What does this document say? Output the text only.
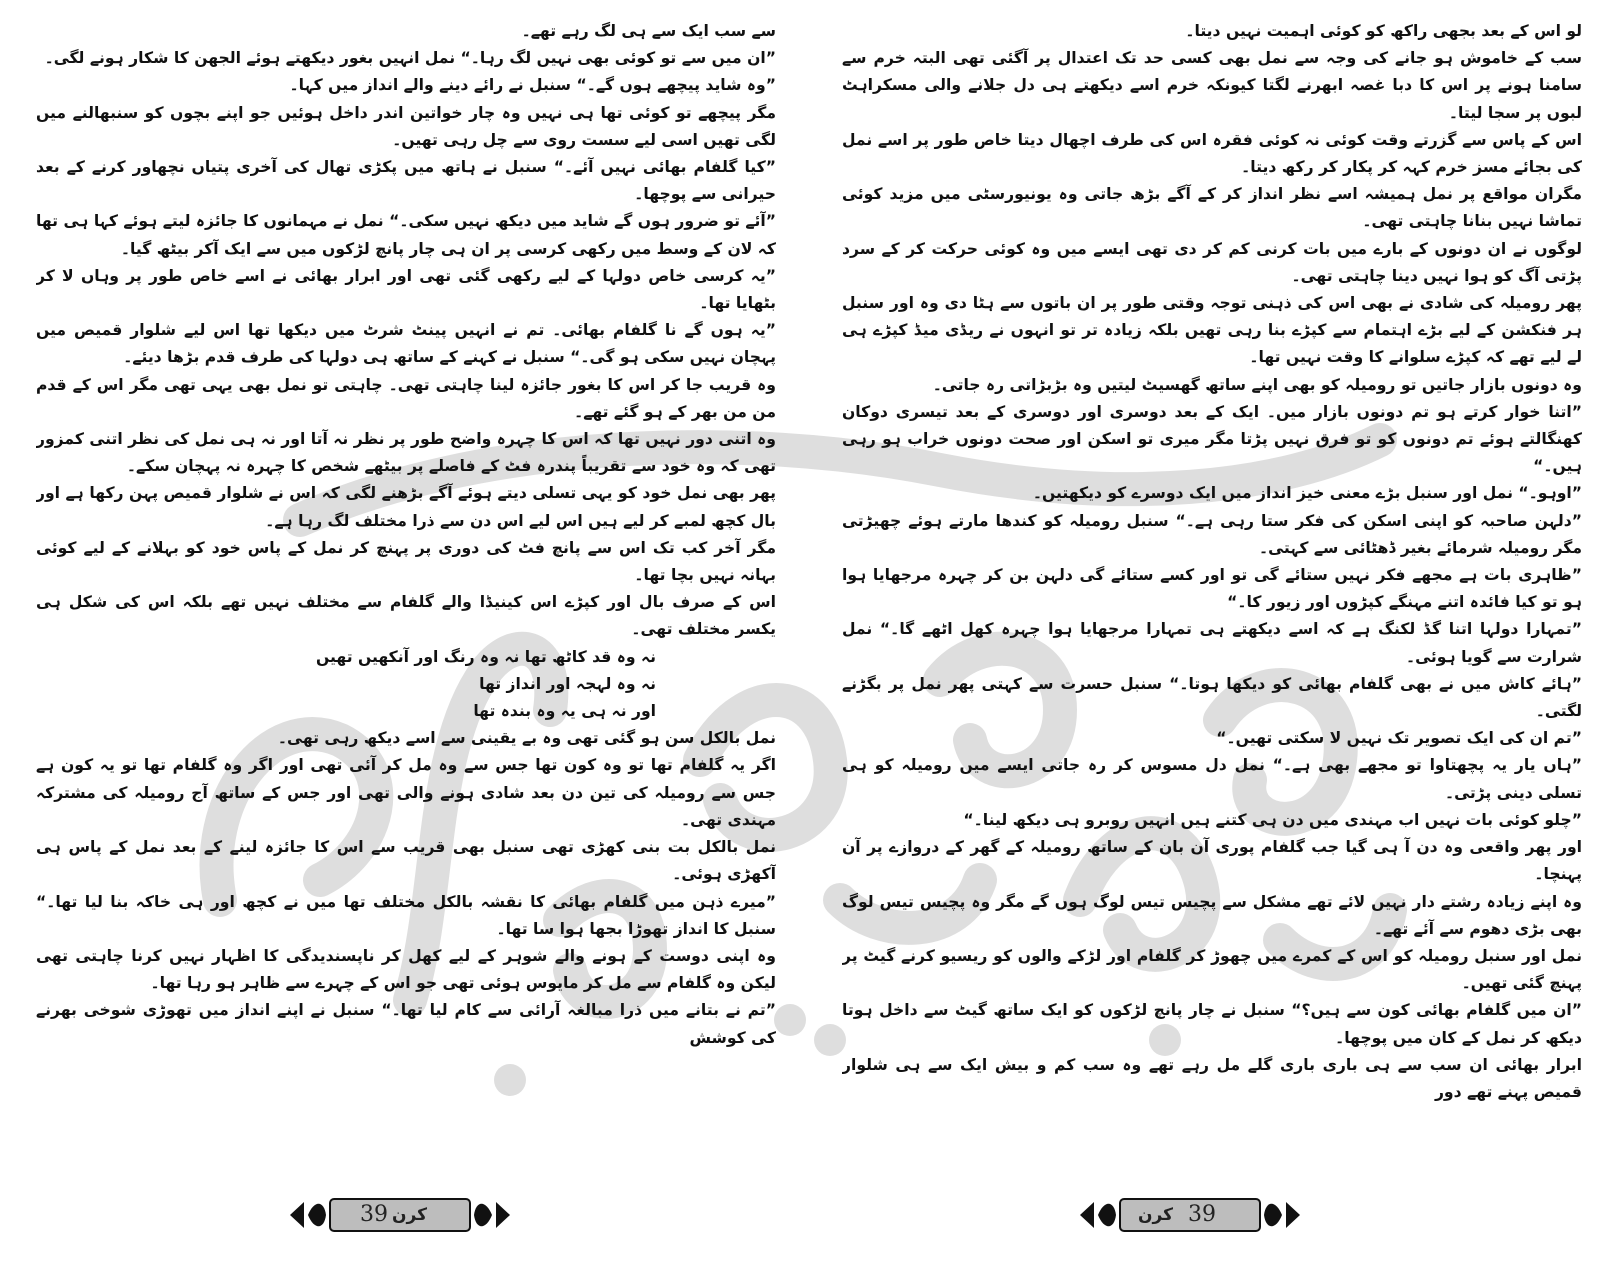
لو اس کے بعد بجھی راکھ کو کوئی اہمیت نہیں دیتا۔

سب کے خاموش ہو جانے کی وجہ سے نمل بھی کسی حد تک اعتدال پر آگئی تھی البتہ خرم سے سامنا ہونے پر اس کا دبا غصہ ابھرنے لگتا کیونکہ خرم اسے دیکھتے ہی دل جلانے والی مسکراہٹ لبوں پر سجا لیتا۔

اس کے پاس سے گزرتے وقت کوئی نہ کوئی فقرہ اس کی طرف اچھال دیتا خاص طور پر اسے نمل کی بجائے مسز خرم کہہ کر پکار کر رکھ دیتا۔

مگران مواقع پر نمل ہمیشہ اسے نظر انداز کر کے آگے بڑھ جاتی وہ یونیورسٹی میں مزید کوئی تماشا نہیں بنانا چاہتی تھی۔

لوگوں نے ان دونوں کے بارے میں بات کرنی کم کر دی تھی ایسے میں وہ کوئی حرکت کر کے سرد پڑتی آگ کو ہوا نہیں دینا چاہتی تھی۔

پھر رومیلہ کی شادی نے بھی اس کی ذہنی توجہ وقتی طور پر ان باتوں سے ہٹا دی وہ اور سنبل ہر فنکشن کے لیے بڑے اہتمام سے کپڑے بنا رہی تھیں بلکہ زیادہ تر تو انہوں نے ریڈی میڈ کپڑے ہی لے لیے تھے کہ کپڑے سلوانے کا وقت نہیں تھا۔

وہ دونوں بازار جاتیں تو رومیلہ کو بھی اپنے ساتھ گھسیٹ لیتیں وہ بڑبڑاتی رہ جاتی۔

”اتنا خوار کرتے ہو تم دونوں بازار میں۔ ایک کے بعد دوسری اور دوسری کے بعد تیسری دوکان کھنگالتے ہوئے تم دونوں کو تو فرق نہیں پڑتا مگر میری تو اسکن اور صحت دونوں خراب ہو رہی ہیں۔“

”اوہو۔“ نمل اور سنبل بڑے معنی خیز انداز میں ایک دوسرے کو دیکھتیں۔

”دلہن صاحبہ کو اپنی اسکن کی فکر ستا رہی ہے۔“ سنبل رومیلہ کو کندھا مارتے ہوئے چھیڑتی مگر رومیلہ شرمائے بغیر ڈھٹائی سے کہتی۔

”ظاہری بات ہے مجھے فکر نہیں ستائے گی تو اور کسے ستائے گی دلہن بن کر چہرہ مرجھایا ہوا ہو تو کیا فائدہ اتنے مہنگے کپڑوں اور زیور کا۔“

”تمہارا دولہا اتنا گڈ لکنگ ہے کہ اسے دیکھتے ہی تمہارا مرجھایا ہوا چہرہ کھل اٹھے گا۔“ نمل شرارت سے گویا ہوئی۔

”ہائے کاش میں نے بھی گلفام بھائی کو دیکھا ہوتا۔“ سنبل حسرت سے کہتی پھر نمل پر بگڑنے لگتی۔

”تم ان کی ایک تصویر تک نہیں لا سکتی تھیں۔“

”ہاں یار یہ پچھتاوا تو مجھے بھی ہے۔“ نمل دل مسوس کر رہ جاتی ایسے میں رومیلہ کو ہی تسلی دینی پڑتی۔

”چلو کوئی بات نہیں اب مہندی میں دن ہی کتنے ہیں انہیں روبرو ہی دیکھ لینا۔“

اور پھر واقعی وہ دن آ ہی گیا جب گلفام پوری آن بان کے ساتھ رومیلہ کے گھر کے دروازے پر آن پہنچا۔

وہ اپنے زیادہ رشتے دار نہیں لائے تھے مشکل سے پچیس تیس لوگ ہوں گے مگر وہ پچیس تیس لوگ بھی بڑی دھوم سے آئے تھے۔

نمل اور سنبل رومیلہ کو اس کے کمرے میں چھوڑ کر گلفام اور لڑکے والوں کو ریسیو کرنے گیٹ پر پہنچ گئی تھیں۔

”ان میں گلفام بھائی کون سے ہیں؟“ سنبل نے چار پانچ لڑکوں کو ایک ساتھ گیٹ سے داخل ہوتا دیکھ کر نمل کے کان میں پوچھا۔

ابرار بھائی ان سب سے ہی باری باری گلے مل رہے تھے وہ سب کم و بیش ایک سے ہی شلوار قمیص پہنے تھے دور

سے سب ایک سے ہی لگ رہے تھے۔

”ان میں سے تو کوئی بھی نہیں لگ رہا۔“ نمل انہیں بغور دیکھتے ہوئے الجھن کا شکار ہونے لگی۔

”وہ شاید پیچھے ہوں گے۔“ سنبل نے رائے دینے والے انداز میں کہا۔

مگر پیچھے تو کوئی تھا ہی نہیں وہ چار خواتین اندر داخل ہوئیں جو اپنے بچوں کو سنبھالنے میں لگی تھیں اسی لیے سست روی سے چل رہی تھیں۔

”کیا گلفام بھائی نہیں آئے۔“ سنبل نے ہاتھ میں پکڑی تھال کی آخری پتیاں نچھاور کرنے کے بعد حیرانی سے پوچھا۔

”آئے تو ضرور ہوں گے شاید میں دیکھ نہیں سکی۔“ نمل نے مہمانوں کا جائزہ لیتے ہوئے کہا ہی تھا کہ لان کے وسط میں رکھی کرسی پر ان ہی چار پانچ لڑکوں میں سے ایک آکر بیٹھ گیا۔

”یہ کرسی خاص دولہا کے لیے رکھی گئی تھی اور ابرار بھائی نے اسے خاص طور پر وہاں لا کر بٹھایا تھا۔

”یہ ہوں گے نا گلفام بھائی۔ تم نے انہیں پینٹ شرٹ میں دیکھا تھا اس لیے شلوار قمیص میں پہچان نہیں سکی ہو گی۔“ سنبل نے کہنے کے ساتھ ہی دولہا کی طرف قدم بڑھا دیئے۔

وہ قریب جا کر اس کا بغور جائزہ لینا چاہتی تھی۔ چاہتی تو نمل بھی یہی تھی مگر اس کے قدم من من بھر کے ہو گئے تھے۔

وہ اتنی دور نہیں تھا کہ اس کا چہرہ واضح طور پر نظر نہ آتا اور نہ ہی نمل کی نظر اتنی کمزور تھی کہ وہ خود سے تقریباً پندرہ فٹ کے فاصلے پر بیٹھے شخص کا چہرہ نہ پہچان سکے۔

پھر بھی نمل خود کو یہی تسلی دیتے ہوئے آگے بڑھنے لگی کہ اس نے شلوار قمیص پہن رکھا ہے اور بال کچھ لمبے کر لیے ہیں اس لیے اس دن سے ذرا مختلف لگ رہا ہے۔

مگر آخر کب تک اس سے پانچ فٹ کی دوری پر پہنچ کر نمل کے پاس خود کو بہلانے کے لیے کوئی بہانہ نہیں بچا تھا۔

اس کے صرف بال اور کپڑے اس کینیڈا والے گلفام سے مختلف نہیں تھے بلکہ اس کی شکل ہی یکسر مختلف تھی۔

نہ وہ قد کاٹھ تھا نہ وہ رنگ اور آنکھیں تھیں

نہ وہ لہجہ اور انداز تھا

اور نہ ہی یہ وہ بندہ تھا

نمل بالکل سن ہو گئی تھی وہ بے یقینی سے اسے دیکھ رہی تھی۔

اگر یہ گلفام تھا تو وہ کون تھا جس سے وہ مل کر آئی تھی اور اگر وہ گلفام تھا تو یہ کون ہے جس سے رومیلہ کی تین دن بعد شادی ہونے والی تھی اور جس کے ساتھ آج رومیلہ کی مشترکہ مہندی تھی۔

نمل بالکل بت بنی کھڑی تھی سنبل بھی قریب سے اس کا جائزہ لینے کے بعد نمل کے پاس ہی آکھڑی ہوئی۔

”میرے ذہن میں گلفام بھائی کا نقشہ بالکل مختلف تھا میں نے کچھ اور ہی خاکہ بنا لیا تھا۔“ سنبل کا انداز تھوڑا بجھا ہوا سا تھا۔

وہ اپنی دوست کے ہونے والے شوہر کے لیے کھل کر ناپسندیدگی کا اظہار نہیں کرنا چاہتی تھی لیکن وہ گلفام سے مل کر مایوس ہوئی تھی جو اس کے چہرے سے ظاہر ہو رہا تھا۔

”تم نے بتانے میں ذرا مبالغہ آرائی سے کام لیا تھا۔“ سنبل نے اپنے انداز میں تھوڑی شوخی بھرنے کی کوشش

39 کرن	39
کرن
